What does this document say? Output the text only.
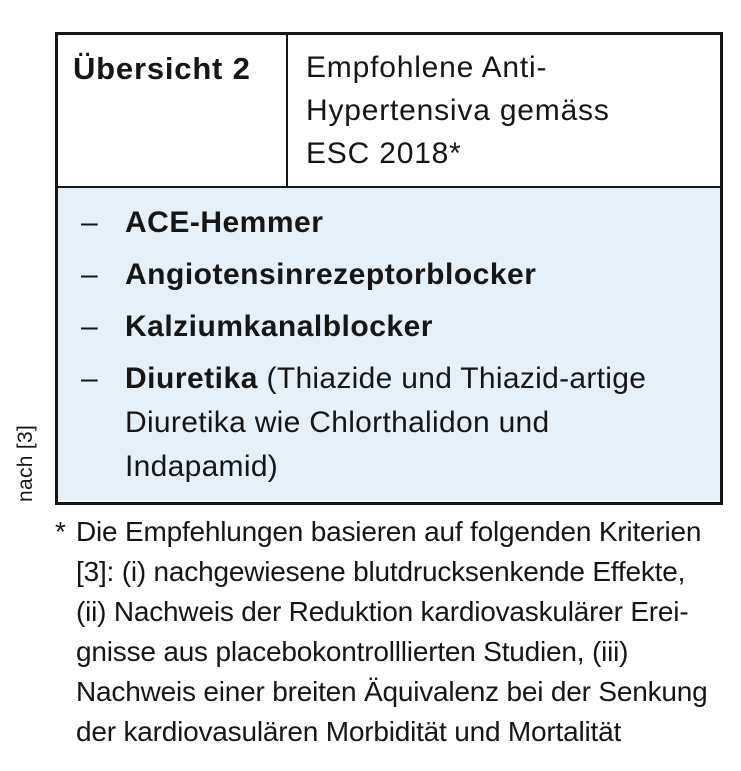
Übersicht 2	Empfohlene Anti-
Hypertensiva gemäss
ESC 2018*
– ACE-Hemmer
– Angiotensinrezeptorblocker
– Kalziumkanalblocker
– Diuretika (Thiazide und Thiazid-artige Diuretika wie Chlorthalidon und Indapamid)
nach [3]
* Die Empfehlungen basieren auf folgenden Kriterien
[3]: (i) nachgewiesene blutdrucksenkende Effekte,
(ii) Nachweis der Reduktion kardiovaskulärer Erei-
gnisse aus placebokontrolllierten Studien, (iii)
Nachweis einer breiten Äquivalenz bei der Senkung
der kardiovasulären Morbidität und Mortalität
